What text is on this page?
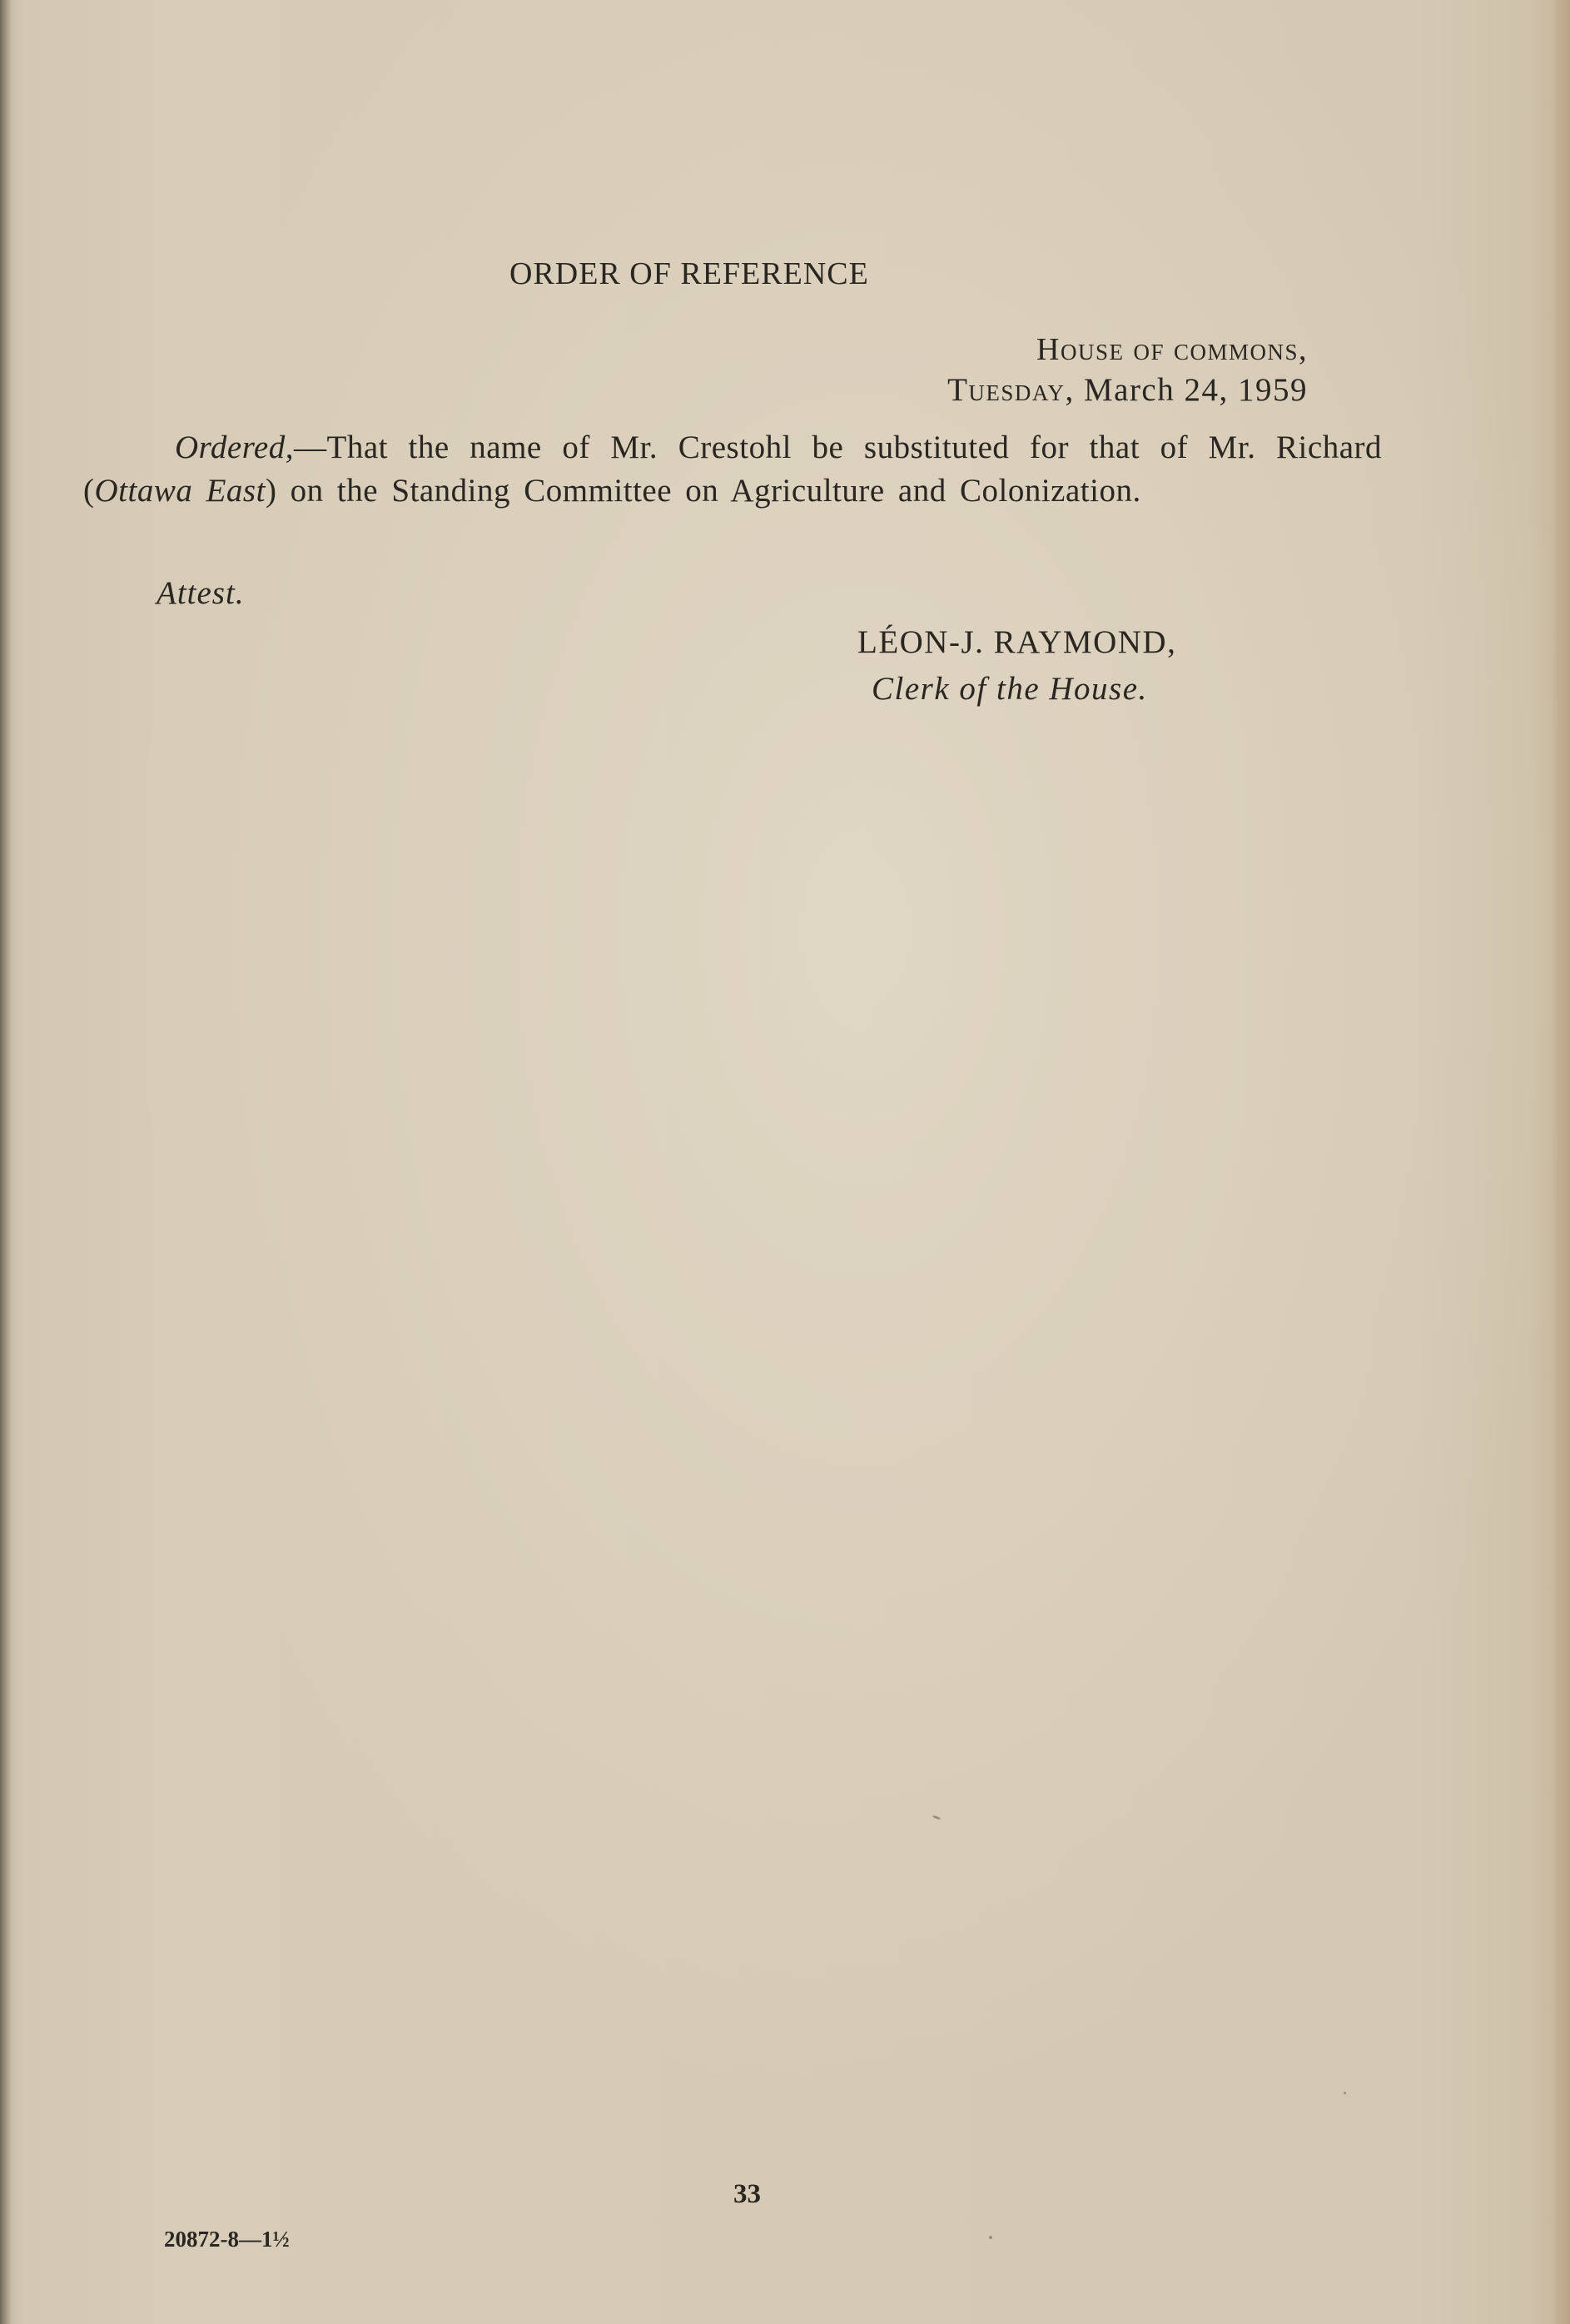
ORDER OF REFERENCE
House of commons,
Tuesday, March 24, 1959
Ordered,—That the name of Mr. Crestohl be substituted for that of Mr. Richard (Ottawa East) on the Standing Committee on Agriculture and Colonization.
Attest.
LÉON-J. RAYMOND,
Clerk of the House.
33
20872-8—1½
